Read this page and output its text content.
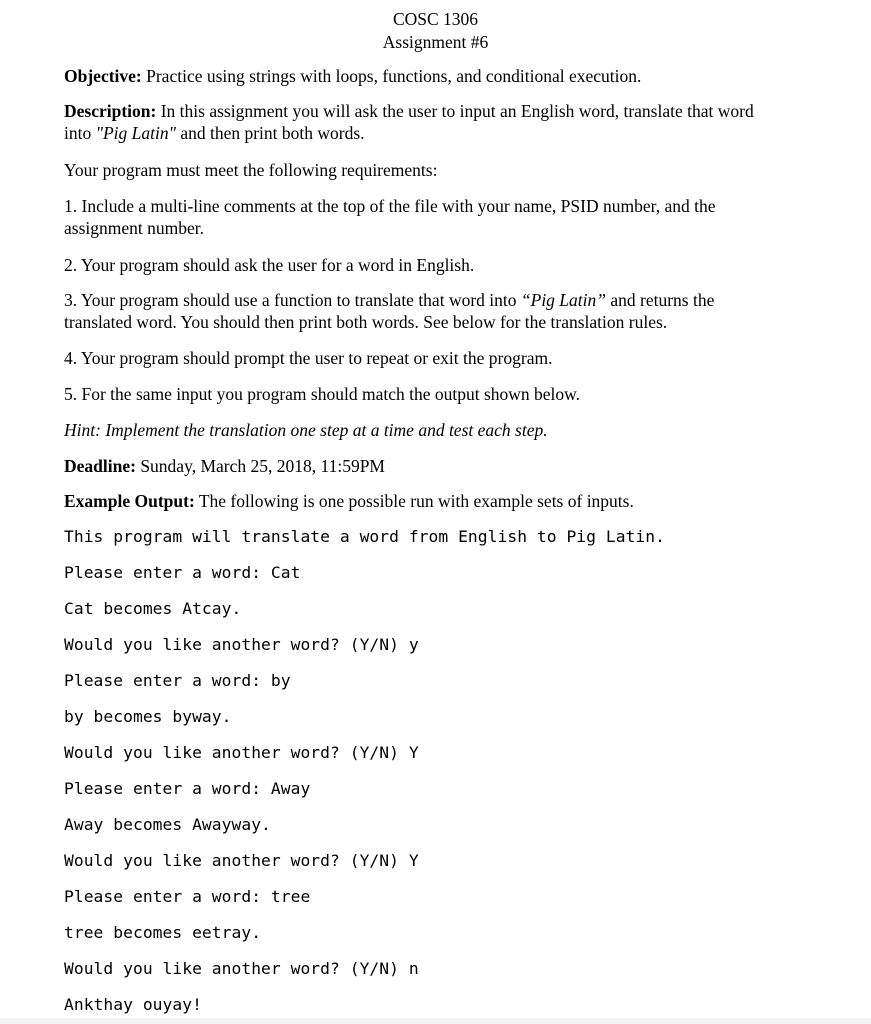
COSC 1306
Assignment #6
Objective: Practice using strings with loops, functions, and conditional execution.
Description: In this assignment you will ask the user to input an English word, translate that word into "Pig Latin" and then print both words.
Your program must meet the following requirements:
1. Include a multi-line comments at the top of the file with your name, PSID number, and the assignment number.
2. Your program should ask the user for a word in English.
3. Your program should use a function to translate that word into “Pig Latin” and returns the translated word. You should then print both words. See below for the translation rules.
4. Your program should prompt the user to repeat or exit the program.
5. For the same input you program should match the output shown below.
Hint: Implement the translation one step at a time and test each step.
Deadline: Sunday, March 25, 2018, 11:59PM
Example Output: The following is one possible run with example sets of inputs.
This program will translate a word from English to Pig Latin.
Please enter a word: Cat
Cat becomes Atcay.
Would you like another word? (Y/N) y
Please enter a word: by
by becomes byway.
Would you like another word? (Y/N) Y
Please enter a word: Away
Away becomes Awayway.
Would you like another word? (Y/N) Y
Please enter a word: tree
tree becomes eetray.
Would you like another word? (Y/N) n
Ankthay ouyay!
